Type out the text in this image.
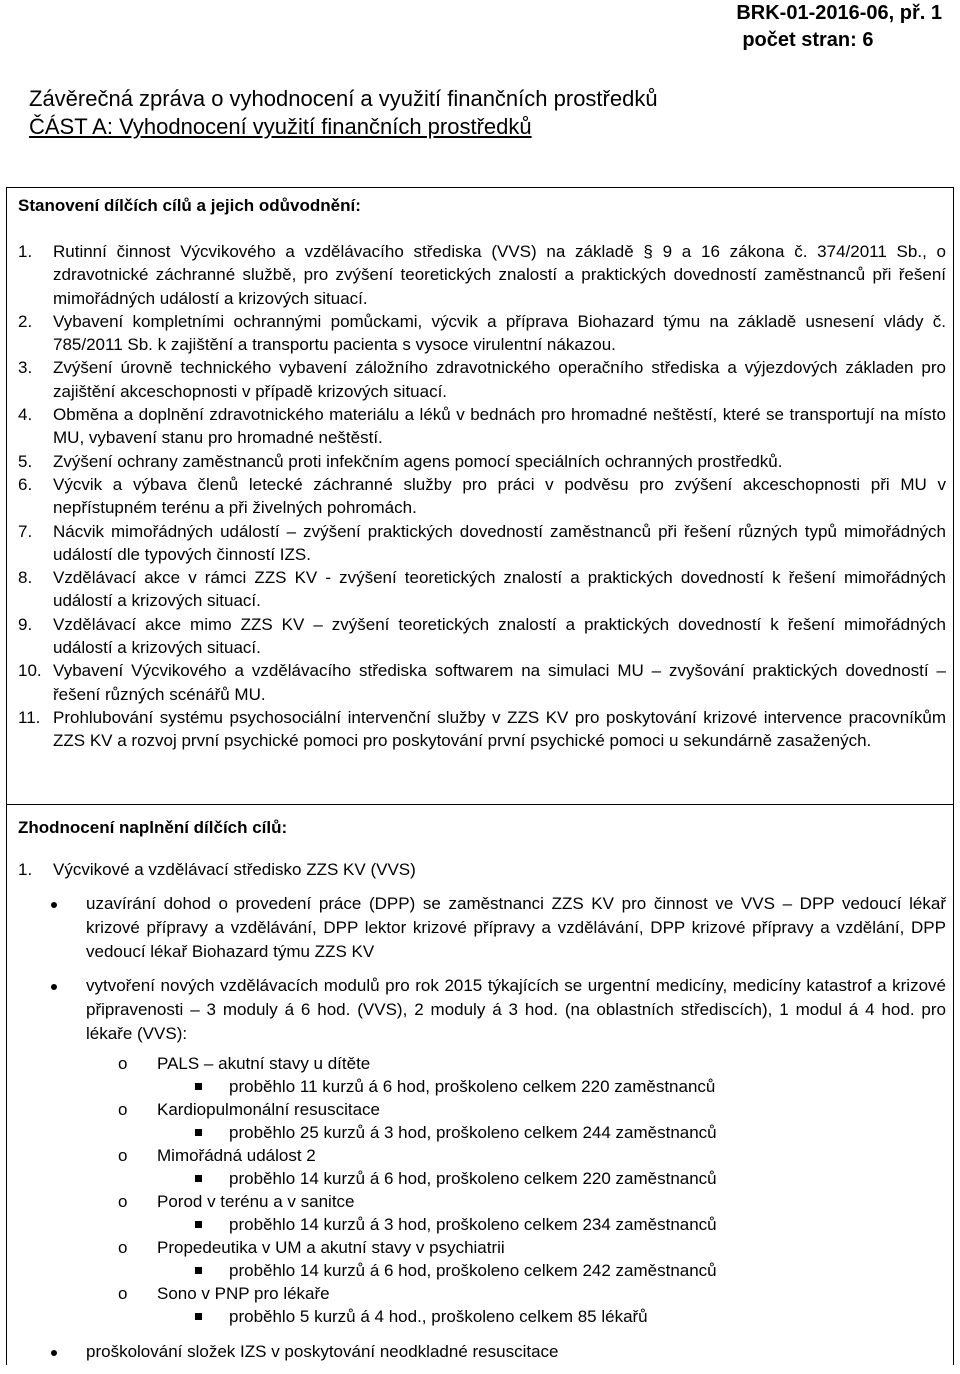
BRK-01-2016-06, př. 1
počet stran: 6
Závěrečná zpráva o vyhodnocení a využití finančních prostředků
ČÁST A: Vyhodnocení využití finančních prostředků
Stanovení dílčích cílů a jejich odůvodnění:
1.	Rutinní činnost Výcvikového a vzdělávacího střediska (VVS) na základě § 9 a 16 zákona č. 374/2011 Sb., o zdravotnické záchranné službě, pro zvýšení teoretických znalostí a praktických dovedností zaměstnanců při řešení mimořádných událostí a krizových situací.
2.	Vybavení kompletními ochrannými pomůckami, výcvik a příprava Biohazard týmu na základě usnesení vlády č. 785/2011 Sb. k zajištění a transportu pacienta s vysoce virulentní nákazou.
3.	Zvýšení úrovně technického vybavení záložního zdravotnického operačního střediska a výjezdových základen pro zajištění akceschopnosti v případě krizových situací.
4.	Obměna a doplnění zdravotnického materiálu a léků v bednách pro hromadné neštěstí, které se transportují na místo MU, vybavení stanu pro hromadné neštěstí.
5.	Zvýšení ochrany zaměstnanců proti infekčním agens pomocí speciálních ochranných prostředků.
6.	Výcvik a výbava členů letecké záchranné služby pro práci v podvěsu pro zvýšení akceschopnosti při MU v nepřístupném terénu a při živelných pohromách.
7.	Nácvik mimořádných událostí – zvýšení praktických dovedností zaměstnanců při řešení různých typů mimořádných událostí dle typových činností IZS.
8.	Vzdělávací akce v rámci ZZS KV - zvýšení teoretických znalostí a praktických dovedností k řešení mimořádných událostí a krizových situací.
9.	Vzdělávací akce mimo ZZS KV – zvýšení teoretických znalostí a praktických dovedností k řešení mimořádných událostí a krizových situací.
10. Vybavení Výcvikového a vzdělávacího střediska softwarem na simulaci MU – zvyšování praktických dovedností – řešení různých scénářů MU.
11. Prohlubování systému psychosociální intervenční služby v ZZS KV pro poskytování krizové intervence pracovníkům ZZS KV a rozvoj první psychické pomoci pro poskytování první psychické pomoci u sekundárně zasažených.
Zhodnocení naplnění dílčích cílů:
1.	Výcvikové a vzdělávací středisko ZZS KV (VVS)
uzavírání dohod o provedení práce (DPP) se zaměstnanci ZZS KV pro činnost ve VVS – DPP vedoucí lékař krizové přípravy a vzdělávání, DPP lektor krizové přípravy a vzdělávání, DPP krizové přípravy a vzdělání, DPP vedoucí lékař Biohazard týmu ZZS KV
vytvoření nových vzdělávacích modulů pro rok 2015 týkajících se urgentní medicíny, medicíny katastrof a krizové připravenosti – 3 moduly á 6 hod. (VVS), 2 moduly á 3 hod. (na oblastních střediscích), 1 modul á 4 hod. pro lékaře (VVS):
o	PALS – akutní stavy u dítěte
proběhlo 11 kurzů á 6 hod, proškoleno celkem 220 zaměstnanců
o	Kardiopulmonální resuscitace
proběhlo 25 kurzů á 3 hod, proškoleno celkem 244 zaměstnanců
o	Mimořádná událost 2
proběhlo 14 kurzů á 6 hod, proškoleno celkem 220 zaměstnanců
o	Porod v terénu a v sanitce
proběhlo 14 kurzů á 3 hod, proškoleno celkem 234 zaměstnanců
o	Propedeutika v UM a akutní stavy v psychiatrii
proběhlo 14 kurzů á 6 hod, proškoleno celkem 242 zaměstnanců
o	Sono v PNP pro lékaře
proběhlo 5 kurzů á 4 hod., proškoleno celkem 85 lékařů
proškolování složek IZS v poskytování neodkladné resuscitace
